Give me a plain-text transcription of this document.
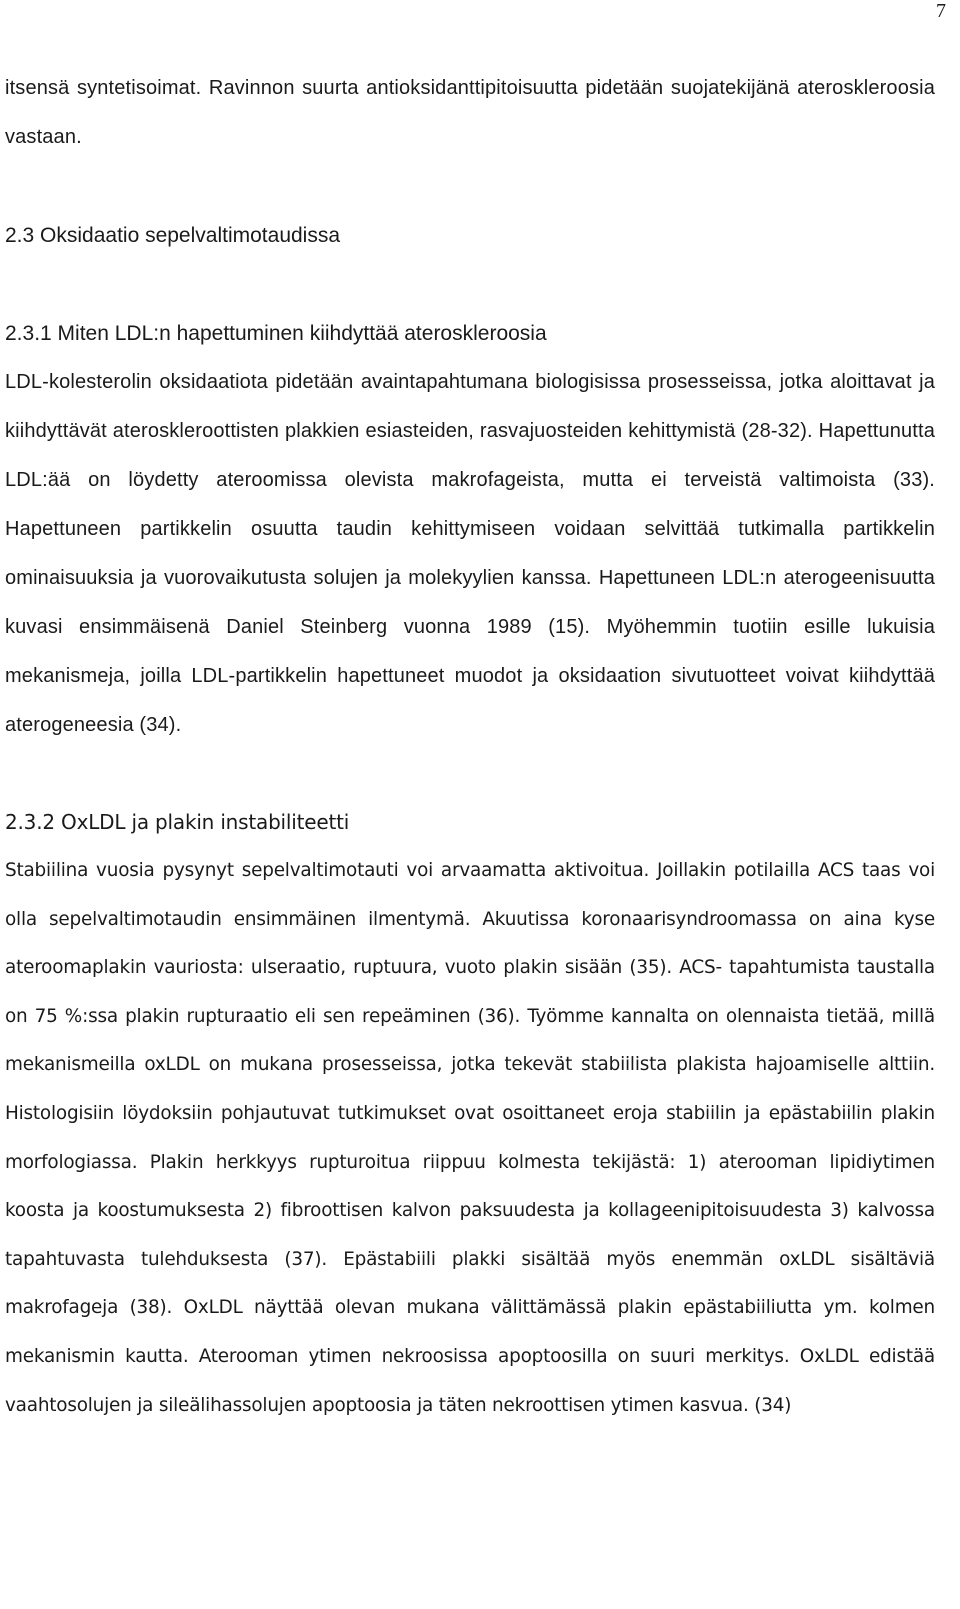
7

itsensä syntetisoimat. Ravinnon suurta antioksidanttipitoisuutta pidetään suojatekijänä ateroskleroosia vastaan.

2.3 Oksidaatio sepelvaltimotaudissa
2.3.1 Miten LDL:n hapettuminen kiihdyttää ateroskleroosia

LDL-kolesterolin oksidaatiota pidetään avaintapahtumana biologisissa prosesseissa, jotka aloittavat ja kiihdyttävät ateroskleroottisten plakkien esiasteiden, rasvajuosteiden kehittymistä (28-32). Hapettunutta LDL:ää on löydetty ateroomissa olevista makrofageista, mutta ei terveistä valtimoista (33). Hapettuneen partikkelin osuutta taudin kehittymiseen voidaan selvittää tutkimalla partikkelin ominaisuuksia ja vuorovaikutusta solujen ja molekyylien kanssa. Hapettuneen LDL:n aterogeenisuutta kuvasi ensimmäisenä Daniel Steinberg vuonna 1989 (15). Myöhemmin tuotiin esille lukuisia mekanismeja, joilla LDL-partikkelin hapettuneet muodot ja oksidaation sivutuotteet voivat kiihdyttää aterogeneesia (34).

2.3.2 OxLDL ja plakin instabiliteetti

Stabiilina vuosia pysynyt sepelvaltimotauti voi arvaamatta aktivoitua. Joillakin potilailla ACS taas voi olla sepelvaltimotaudin ensimmäinen ilmentymä. Akuutissa koronaarisyndroomassa on aina kyse ateroomaplakin vauriosta: ulseraatio, ruptuura, vuoto plakin sisään (35). ACS- tapahtumista taustalla on 75 %:ssa plakin rupturaatio eli sen repeäminen (36). Työmme kannalta on olennaista tietää, millä mekanismeilla oxLDL on mukana prosesseissa, jotka tekevät stabiilista plakista hajoamiselle alttiin. Histologisiin löydoksiin pohjautuvat tutkimukset ovat osoittaneet eroja stabiilin ja epästabiilin plakin morfologiassa. Plakin herkkyys rupturoitua riippuu kolmesta tekijästä: 1) aterooman lipidiytimen koosta ja koostumuksesta 2) fibroottisen kalvon paksuudesta ja kollageenipitoisuudesta 3) kalvossa tapahtuvasta tulehduksesta (37). Epästabiili plakki sisältää myös enemmän oxLDL sisältäviä makrofageja (38). OxLDL näyttää olevan mukana välittämässä plakin epästabiiliutta ym. kolmen mekanismin kautta. Aterooman ytimen nekroosissa apoptoosilla on suuri merkitys. OxLDL edistää vaahtosolujen ja sileälihassolujen apoptoosia ja täten nekroottisen ytimen kasvua. (34)
